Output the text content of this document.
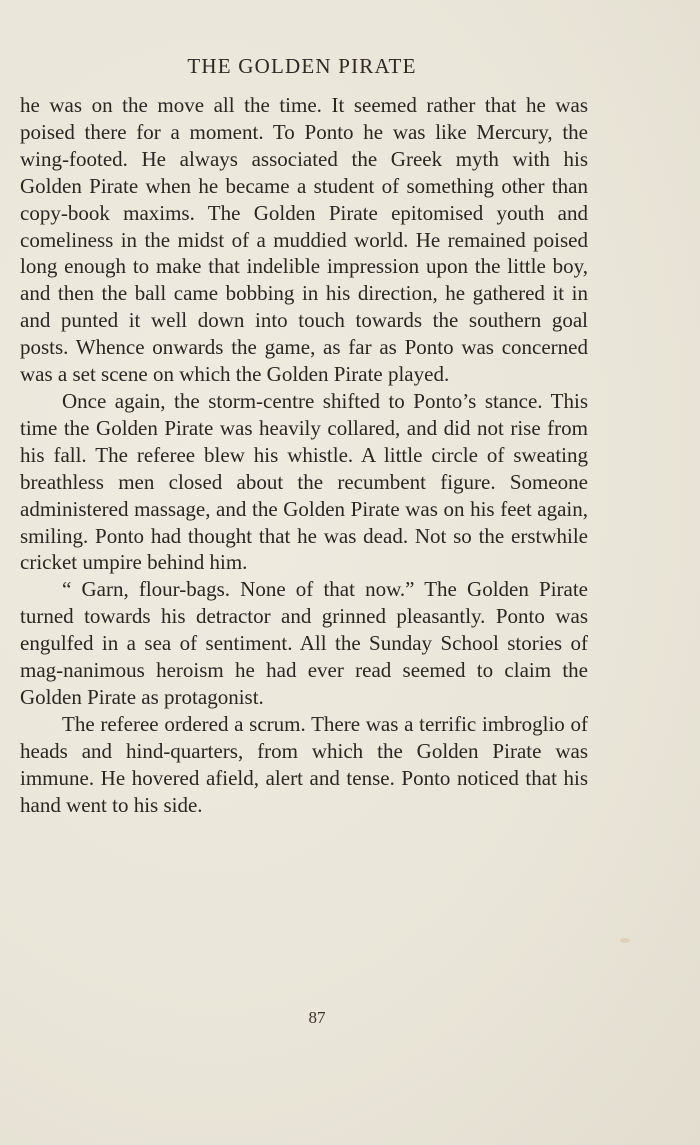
THE GOLDEN PIRATE

he was on the move all the time. It seemed rather that he was poised there for a moment. To Ponto he was like Mercury, the wing-footed. He always associated the Greek myth with his Golden Pirate when he became a student of something other than copy-book maxims. The Golden Pirate epitomised youth and comeliness in the midst of a muddied world. He remained poised long enough to make that indelible impression upon the little boy, and then the ball came bobbing in his direction, he gathered it in and punted it well down into touch towards the southern goal posts. Whence onwards the game, as far as Ponto was concerned was a set scene on which the Golden Pirate played.

Once again, the storm-centre shifted to Ponto’s stance. This time the Golden Pirate was heavily collared, and did not rise from his fall. The referee blew his whistle. A little circle of sweating breathless men closed about the recumbent figure. Someone administered massage, and the Golden Pirate was on his feet again, smiling. Ponto had thought that he was dead. Not so the erstwhile cricket umpire behind him.

“ Garn, flour-bags. None of that now.” The Golden Pirate turned towards his detractor and grinned pleasantly. Ponto was engulfed in a sea of sentiment. All the Sunday School stories of mag-nanimous heroism he had ever read seemed to claim the Golden Pirate as protagonist.

The referee ordered a scrum. There was a terrific imbroglio of heads and hind-quarters, from which the Golden Pirate was immune. He hovered afield, alert and tense. Ponto noticed that his hand went to his side.

87
